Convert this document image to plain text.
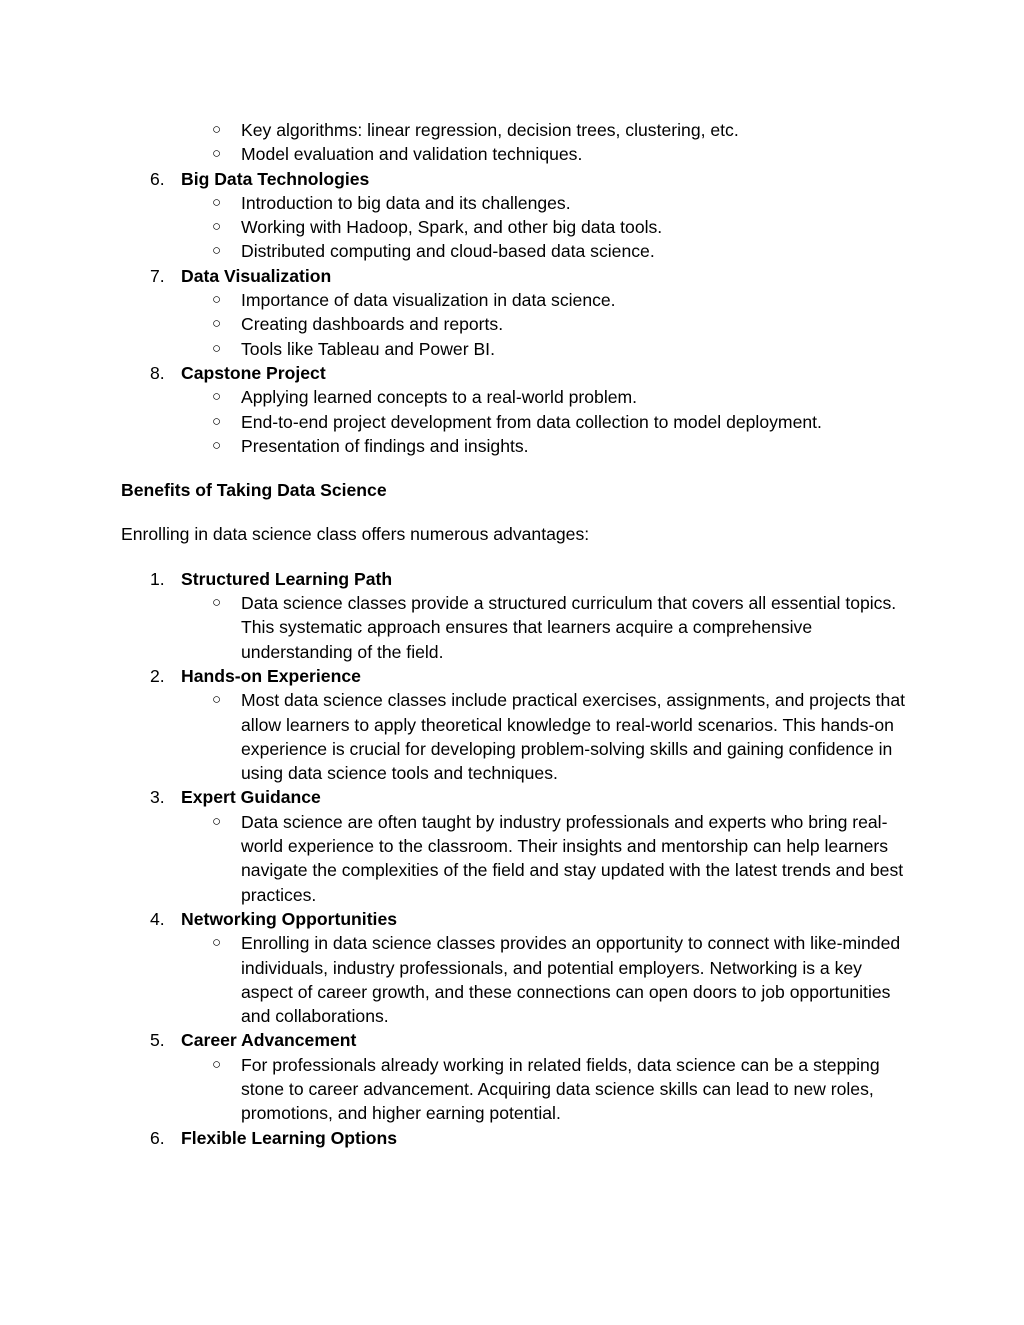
○ Key algorithms: linear regression, decision trees, clustering, etc.
○ Model evaluation and validation techniques.
6. Big Data Technologies
○ Introduction to big data and its challenges.
○ Working with Hadoop, Spark, and other big data tools.
○ Distributed computing and cloud-based data science.
7. Data Visualization
○ Importance of data visualization in data science.
○ Creating dashboards and reports.
○ Tools like Tableau and Power BI.
8. Capstone Project
○ Applying learned concepts to a real-world problem.
○ End-to-end project development from data collection to model deployment.
○ Presentation of findings and insights.
Benefits of Taking Data Science
Enrolling in data science class offers numerous advantages:
1. Structured Learning Path
○ Data science classes provide a structured curriculum that covers all essential topics. This systematic approach ensures that learners acquire a comprehensive understanding of the field.
2. Hands-on Experience
○ Most data science classes include practical exercises, assignments, and projects that allow learners to apply theoretical knowledge to real-world scenarios. This hands-on experience is crucial for developing problem-solving skills and gaining confidence in using data science tools and techniques.
3. Expert Guidance
○ Data science are often taught by industry professionals and experts who bring real-world experience to the classroom. Their insights and mentorship can help learners navigate the complexities of the field and stay updated with the latest trends and best practices.
4. Networking Opportunities
○ Enrolling in data science classes provides an opportunity to connect with like-minded individuals, industry professionals, and potential employers. Networking is a key aspect of career growth, and these connections can open doors to job opportunities and collaborations.
5. Career Advancement
○ For professionals already working in related fields, data science can be a stepping stone to career advancement. Acquiring data science skills can lead to new roles, promotions, and higher earning potential.
6. Flexible Learning Options
